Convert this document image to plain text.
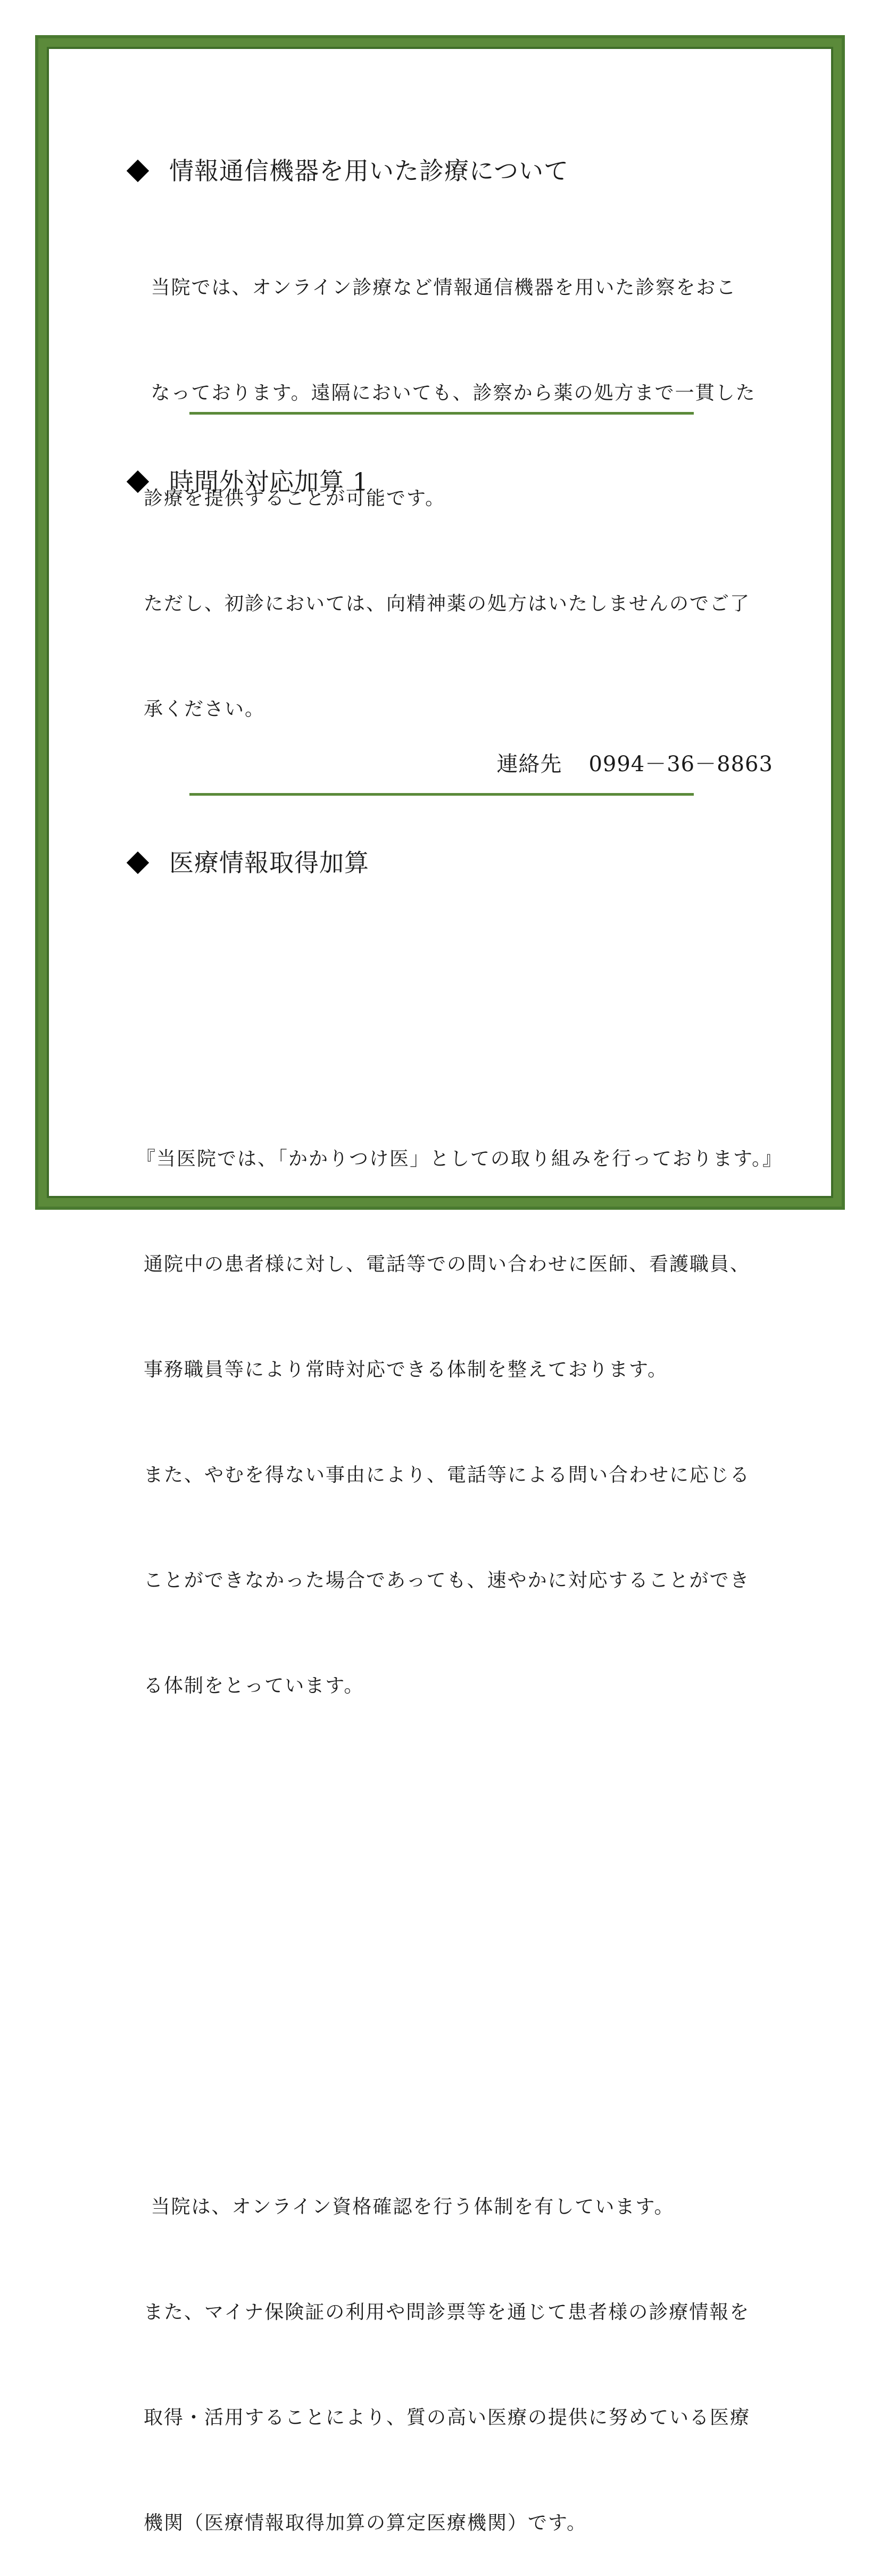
情報通信機器を用いた診療について

当院では、オンライン診療など情報通信機器を用いた診察をおこ

なっております。遠隔においても、診察から薬の処方まで一貫した

診療を提供することが可能です。

ただし、初診においては、向精神薬の処方はいたしませんのでご了

承ください。

時間外対応加算 1

『当医院では、「かかりつけ医」としての取り組みを行っております。』

通院中の患者様に対し、電話等での問い合わせに医師、看護職員、

事務職員等により常時対応できる体制を整えております。

また、やむを得ない事由により、電話等による問い合わせに応じる

ことができなかった場合であっても、速やかに対応することができ

る体制をとっています。

連絡先 0994－36－8863

医療情報取得加算

当院は、オンライン資格確認を行う体制を有しています。

また、マイナ保険証の利用や問診票等を通じて患者様の診療情報を

取得・活用することにより、質の高い医療の提供に努めている医療

機関（医療情報取得加算の算定医療機関）です。
